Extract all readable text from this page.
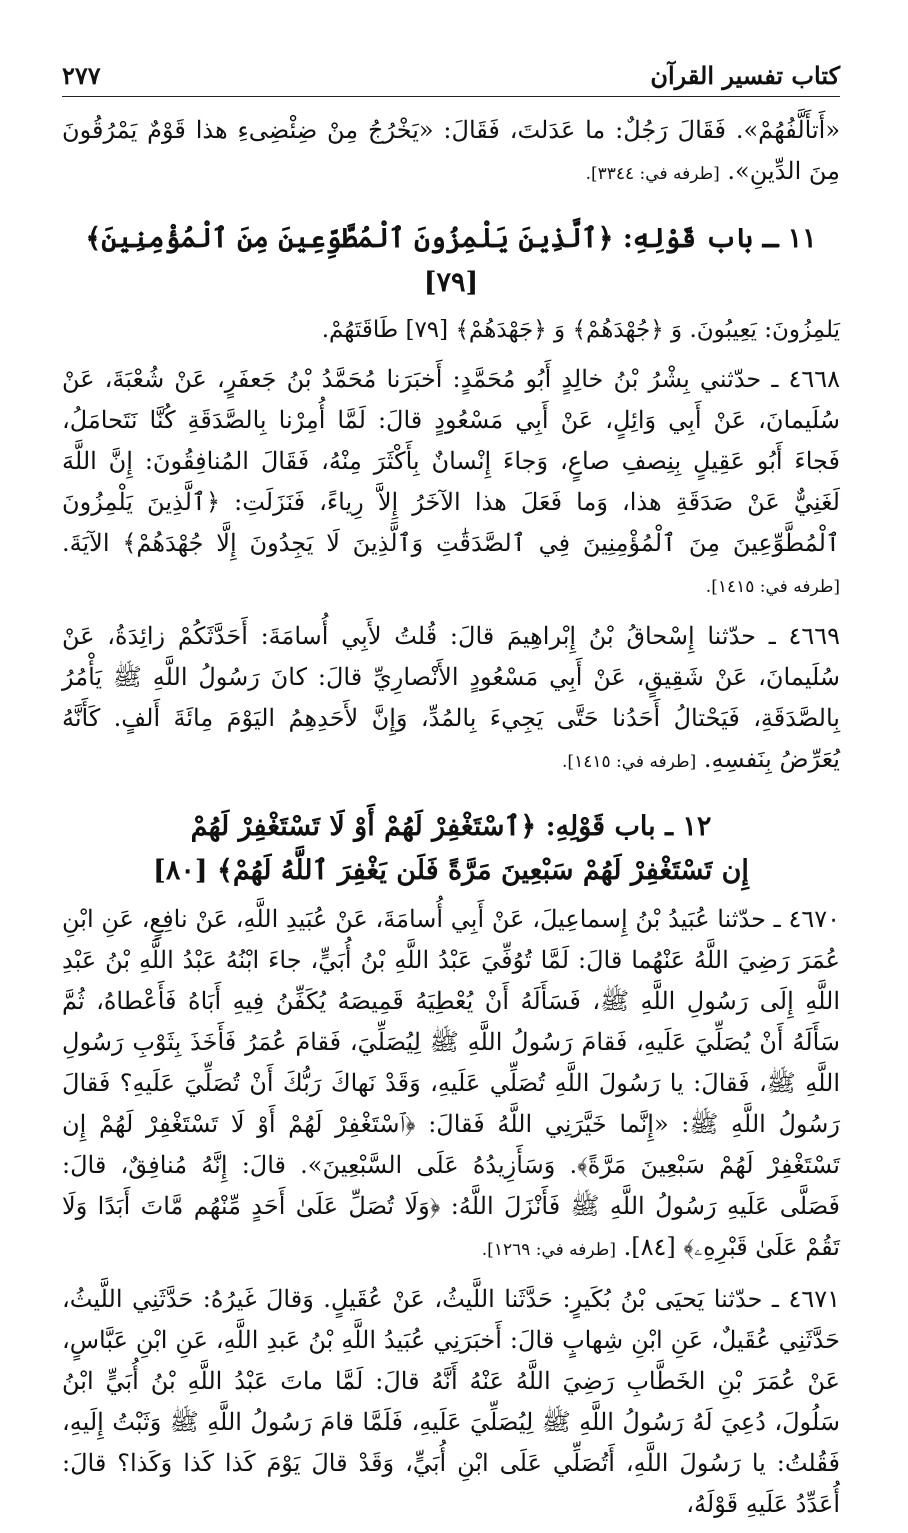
٢٧٧	كتاب تفسير القرآن

«أَتأَلَّفُهُمْ». فَقَالَ رَجُلٌ: ما عَدَلتَ، فَقَالَ: «يَخْرُجُ مِنْ ضِئْضِىءِ هذا قَوْمٌ يَمْرُقُونَ مِنَ الدِّينِ». [طرفه في: ٣٣٤٤].

١١ ـ باب قَوْلِهِ: ﴿ٱلَّذِينَ يَلْمِزُونَ ٱلْمُطَّوِّعِينَ مِنَ ٱلْمُؤْمِنِينَ﴾ [٧٩]

يَلمِزُونَ: يَعِيبُونَ. وَ ﴿جُهْدَهُمْ﴾ وَ ﴿جَهْدَهُمْ﴾ [٧٩] طَاقَتَهُمْ.

٤٦٦٨ ـ حدّثني بِشْرُ بْنُ خالِدٍ أَبُو مُحَمَّدٍ: أَخبَرَنا مُحَمَّدُ بْنُ جَعفَرٍ، عَنْ شُعْبَةَ، عَنْ سُلَيمانَ، عَنْ أَبِي وَائِلٍ، عَنْ أَبِي مَسْعُودٍ قالَ: لَمَّا أُمِرْنا بِالصَّدَقَةِ كُنَّا نَتَحامَلُ، فَجاءَ أَبُو عَقِيلٍ بِنِصفِ صاعٍ، وَجاءَ إِنْسانٌ بِأَكْثَرَ مِنْهُ، فَقَالَ المُنافِقُونَ: إِنَّ اللَّهَ لَغَنِيٌّ عَنْ صَدَقَةِ هذا، وَما فَعَلَ هذا الآخَرُ إِلاَّ رِياءً، فَنَزَلَتِ: ﴿ٱلَّذِينَ يَلْمِزُونَ ٱلْمُطَّوِّعِينَ مِنَ ٱلْمُؤْمِنِينَ فِي ٱلصَّدَقَٰتِ وَٱلَّذِينَ لَا يَجِدُونَ إِلَّا جُهْدَهُمْ﴾ الآيَةَ. [طرفه في: ١٤١٥].

٤٦٦٩ ـ حدّثنا إِسْحاقُ بْنُ إِبْراهِيمَ قالَ: قُلتُ لأَبِي أُسامَةَ: أَحَدَّثَكُمْ زائِدَةُ، عَنْ سُلَيمانَ، عَنْ شَقِيقٍ، عَنْ أَبِي مَسْعُودٍ الأَنْصارِيِّ قالَ: كانَ رَسُولُ اللَّهِ ﷺ يَأْمُرُ بِالصَّدَقَةِ، فَيَحْتالُ أَحَدُنا حَتَّى يَجِيءَ بِالمُدِّ، وَإِنَّ لأَحَدِهِمُ اليَوْمَ مِائَةَ أَلفٍ. كَأَنَّهُ يُعَرِّضُ بِنَفسِهِ. [طرفه في: ١٤١٥].

١٢ ـ باب قَوْلِهِ: ﴿ٱسْتَغْفِرْ لَهُمْ أَوْ لَا تَسْتَغْفِرْ لَهُمْ
إِن تَسْتَغْفِرْ لَهُمْ سَبْعِينَ مَرَّةً فَلَن يَغْفِرَ ٱللَّهُ لَهُمْ﴾ [٨٠]

٤٦٧٠ ـ حدّثنا عُبَيدُ بْنُ إِسماعِيلَ، عَنْ أَبِي أُسامَةَ، عَنْ عُبَيدِ اللَّهِ، عَنْ نافِعٍ، عَنِ ابْنِ عُمَرَ رَضِيَ اللَّهُ عَنْهُما قالَ: لَمَّا تُوُفِّيَ عَبْدُ اللَّهِ بْنُ أُبَيٍّ، جاءَ ابْنُهُ عَبْدُ اللَّهِ بْنُ عَبْدِ اللَّهِ إِلَى رَسُولِ اللَّهِ ﷺ، فَسَأَلَهُ أَنْ يُعْطِيَهُ قَمِيصَهُ يُكَفِّنُ فِيهِ أَبَاهُ فَأَعْطاهُ، ثُمَّ سَأَلَهُ أَنْ يُصَلِّيَ عَلَيهِ، فَقامَ رَسُولُ اللَّهِ ﷺ لِيُصَلِّيَ، فَقامَ عُمَرُ فَأَخَذَ بِثَوْبِ رَسُولِ اللَّهِ ﷺ، فَقالَ: يا رَسُولَ اللَّهِ تُصَلِّي عَلَيهِ، وَقَدْ نَهاكَ رَبُّكَ أَنْ تُصَلِّيَ عَلَيهِ؟ فَقالَ رَسُولُ اللَّهِ ﷺ: «إِنَّما خَيَّرَنِي اللَّهُ فَقالَ: ﴿ٱسْتَغْفِرْ لَهُمْ أَوْ لَا تَسْتَغْفِرْ لَهُمْ إِن تَسْتَغْفِرْ لَهُمْ سَبْعِينَ مَرَّةً﴾. وَسَأَزِيدُهُ عَلَى السَّبْعِينَ». قالَ: إِنَّهُ مُنافِقٌ، قالَ: فَصَلَّى عَلَيهِ رَسُولُ اللَّهِ ﷺ فَأَنْزَلَ اللَّهُ: ﴿وَلَا تُصَلِّ عَلَىٰ أَحَدٍ مِّنْهُم مَّاتَ أَبَدًا وَلَا تَقُمْ عَلَىٰ قَبْرِهِۦ﴾ [٨٤]. [طرفه في: ١٢٦٩].

٤٦٧١ ـ حدّثنا يَحيَى بْنُ بُكَيرٍ: حَدَّثَنا اللَّيثُ، عَنْ عُقَيلٍ. وَقالَ غَيرُهُ: حَدَّثَنِي اللَّيثُ، حَدَّثَنِي عُقَيلٌ، عَنِ ابْنِ شِهابٍ قالَ: أَخبَرَنِي عُبَيدُ اللَّهِ بْنُ عَبدِ اللَّهِ، عَنِ ابْنِ عَبَّاسٍ، عَنْ عُمَرَ بْنِ الخَطَّابِ رَضِيَ اللَّهُ عَنْهُ أَنَّهُ قالَ: لَمَّا ماتَ عَبْدُ اللَّهِ بْنُ أُبَيٍّ ابْنُ سَلُولَ، دُعِيَ لَهُ رَسُولُ اللَّهِ ﷺ لِيُصَلِّيَ عَلَيهِ، فَلَمَّا قامَ رَسُولُ اللَّهِ ﷺ وَثَبْتُ إِلَيهِ، فَقُلتُ: يا رَسُولَ اللَّهِ، أَتُصَلِّي عَلَى ابْنِ أُبَيٍّ، وَقَدْ قالَ يَوْمَ كَذا كَذا وَكَذا؟ قالَ: أُعَدِّدُ عَلَيهِ قَوْلَهُ،
